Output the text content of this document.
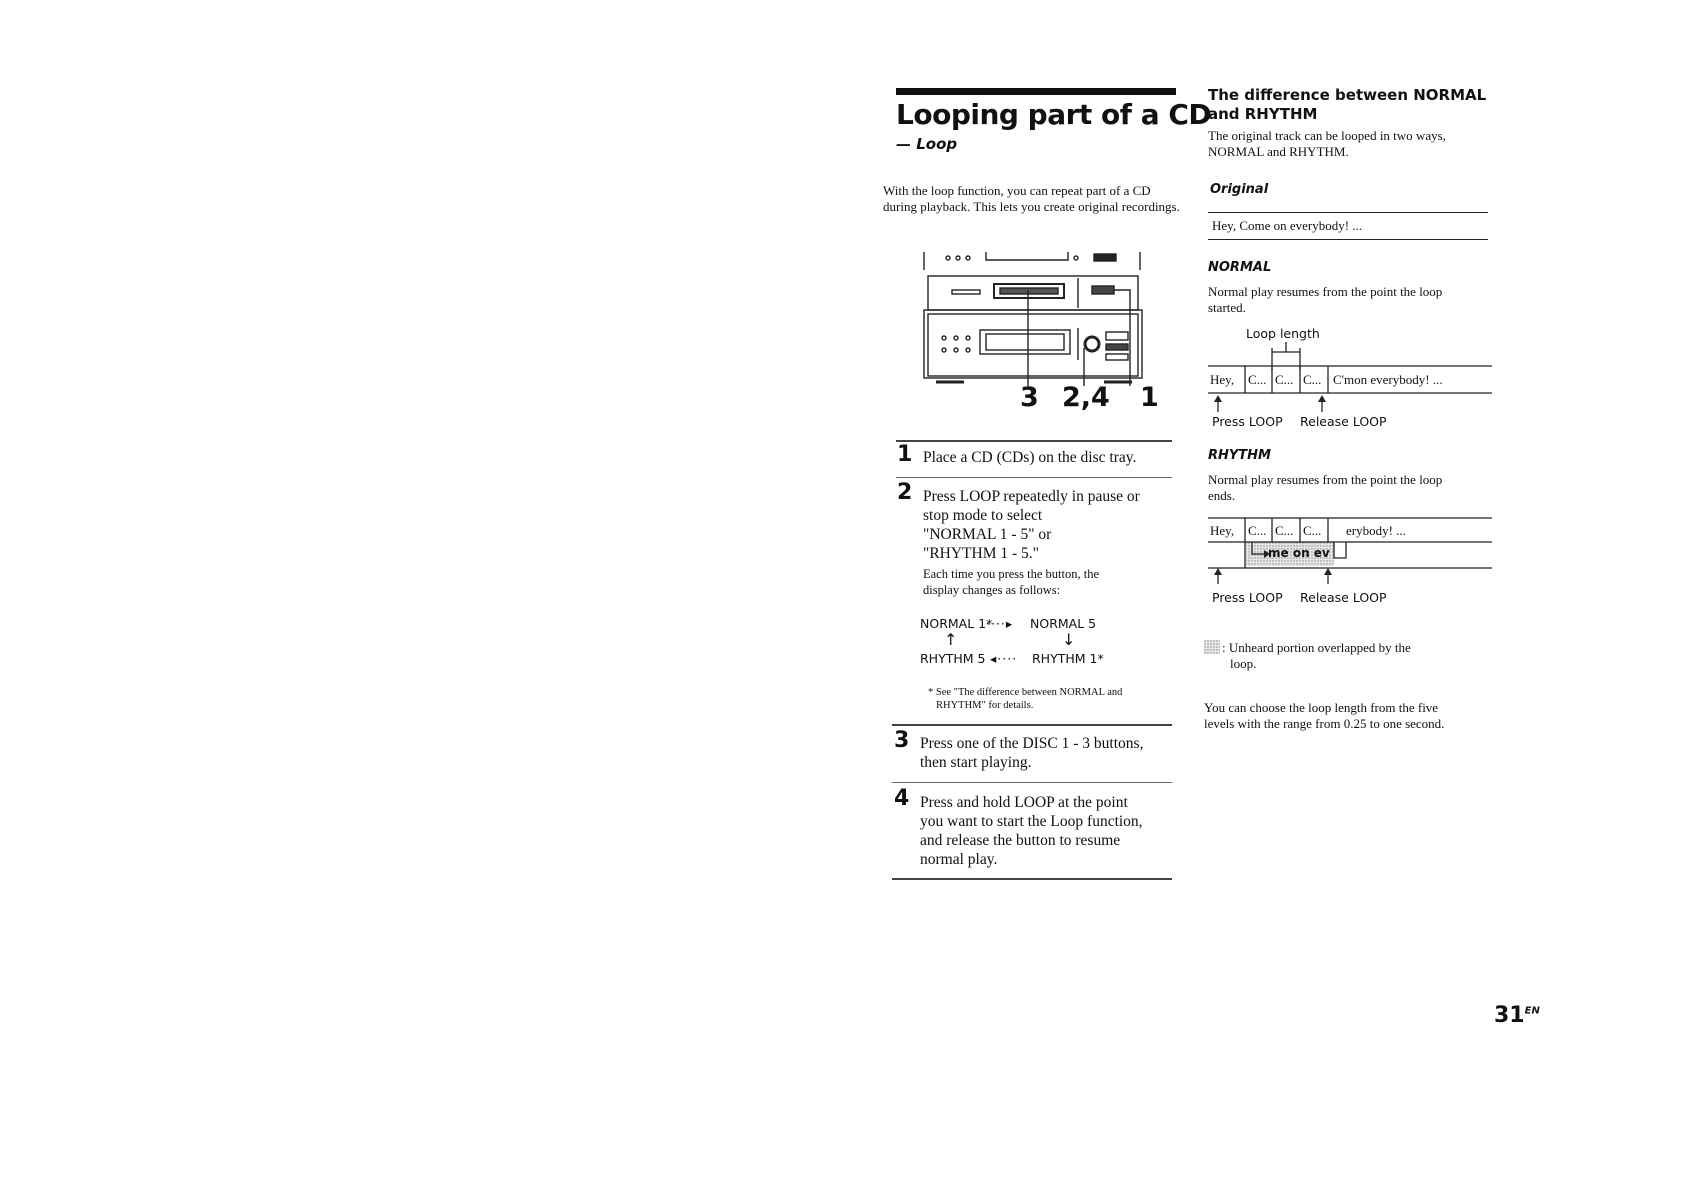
Looping part of a CD
— Loop
With the loop function, you can repeat part of a CD during playback. This lets you create original recordings.
3 2,4 1
1 Place a CD (CDs) on the disc tray.
2 Press LOOP repeatedly in pause or
stop mode to select
"NORMAL 1 - 5" or
"RHYTHM 1 - 5."
Each time you press the button, the
display changes as follows:
NORMAL 1*
····▸ NORMAL 5
↑	↓
RHYTHM 5 ◂···· RHYTHM 1*
* See "The difference between NORMAL and
RHYTHM" for details.
3 Press one of the DISC 1 - 3 buttons,
then start playing.
4 Press and hold LOOP at the point
you want to start the Loop function,
and release the button to resume
normal play.
The difference between NORMAL
and RHYTHM
The original track can be looped in two ways,
NORMAL and RHYTHM.
Original
Hey, Come on everybody! ...
NORMAL
Normal play resumes from the point the loop
started.
Loop length
Hey, C... C... C... C'mon everybody! ...
Press LOOP Release LOOP
RHYTHM
Normal play resumes from the point the loop
ends.
Hey, C... C... C... erybody! ...
me on ev
Press LOOP Release LOOP
: Unheard portion overlapped by the
loop.
You can choose the loop length from the five
levels with the range from 0.25 to one second.
$31^{EN}$
